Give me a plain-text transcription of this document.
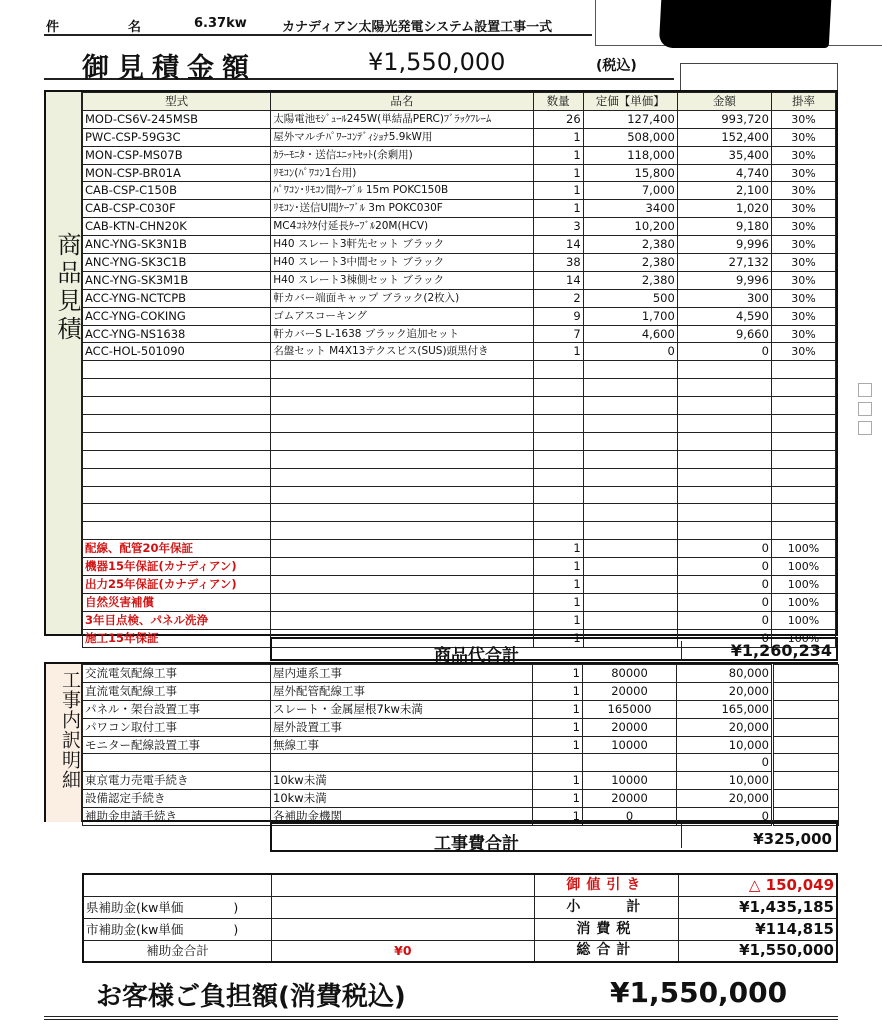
件	名	6.37kw	カナディアン太陽光発電システム設置工事一式
御見積金額	¥1,550,000	(税込)
商品見積
型式	品名	数量	定価【単価】	金額	掛率
MOD-CS6V-245MSB	太陽電池ﾓｼﾞｭｰﾙ245W(単結晶PERC)ﾌﾞﾗｯｸﾌﾚｰﾑ	26	127,400	993,720	30%
PWC-CSP-59G3C	屋外マルチﾊﾟﾜｰｺﾝﾃﾞｨｼｮﾅ5.9kW用	1	508,000	152,400	30%
MON-CSP-MS07B	ｶﾗｰﾓﾆﾀ・送信ﾕﾆｯﾄｾｯﾄ(余剰用)	1	118,000	35,400	30%
MON-CSP-BR01A	ﾘﾓｺﾝ(ﾊﾟﾜｺﾝ1台用)	1	15,800	4,740	30%
CAB-CSP-C150B	ﾊﾟﾜｺﾝ･ﾘﾓｺﾝ間ｹｰﾌﾞﾙ 15m POKC150B	1	7,000	2,100	30%
CAB-CSP-C030F	ﾘﾓｺﾝ･送信U間ｹｰﾌﾞﾙ 3m POKC030F	1	3400	1,020	30%
CAB-KTN-CHN20K	MC4ｺﾈｸﾀ付延長ｹｰﾌﾞﾙ20M(HCV)	3	10,200	9,180	30%
ANC-YNG-SK3N1B	H40 スレート3軒先セット ブラック	14	2,380	9,996	30%
ANC-YNG-SK3C1B	H40 スレート3中間セット ブラック	38	2,380	27,132	30%
ANC-YNG-SK3M1B	H40 スレート3棟側セット ブラック	14	2,380	9,996	30%
ACC-YNG-NCTCPB	軒カバー端面キャップ ブラック(2枚入)	2	500	300	30%
ACC-YNG-COKING	ゴムアスコーキング	9	1,700	4,590	30%
ACC-YNG-NS1638	軒カバーS L-1638 ブラック追加セット	7	4,600	9,660	30%
ACC-HOL-501090	名盤セット M4X13テクスビス(SUS)頭黒付き	1	0	0	30%

配線、配管20年保証		1		0	100%
機器15年保証(カナディアン)		1		0	100%
出力25年保証(カナディアン)		1		0	100%
自然災害補償		1		0	100%
3年目点検、パネル洗浄		1		0	100%
施工15年保証		1		0	100%
商品代合計	¥1,260,234
工事内訳明細 交流電気配線工事	屋内連系工事	1	80000	80,000	
直流電気配線工事	屋外配管配線工事	1	20000	20,000	
パネル・架台設置工事	スレート・金属屋根7kw未満	1	165000	165,000	
パワコン取付工事	屋外設置工事	1	20000	20,000	
モニター配線設置工事	無線工事	1	10000	10,000	
				0	
東京電力売電手続き	10kw未満	1	10000	10,000	
設備認定手続き	10kw未満	1	20000	20,000	
補助金申請手続き	各補助金機関	1	0	0	
工事費合計	¥325,000
		御値引き	△ 150,049
県補助金(kw単価　　　　)		小　　計	¥1,435,185
市補助金(kw単価　　　　)		消費税	¥114,815
補助金合計	¥0	総合計	¥1,550,000
お客様ご負担額(消費税込)	¥1,550,000
